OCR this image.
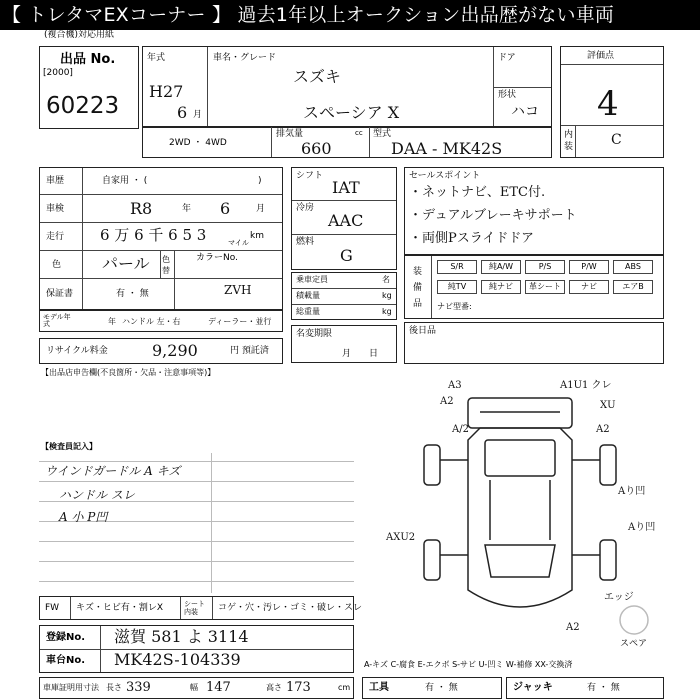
【 トレタマEXコーナー 】 過去1年以上オークション出品歴がない車両
(複合機)対応用紙
出品 No.
[2000]
60223
年式
H27
6 月
車名・グレード
スズキ
スペーシア X
ドア
形状
ハコ
評価点
4
内装	C
2WD ・ 4WD
排気量
660
cc 型式
DAA - MK42S
車歴	自家用 ・ (	)
車検	R8	年 6	月
走行 6 万 6 千 6 5 3	マイル
km
色	パール 色替
カラーNo.
ZVH
保証書	有 ・ 無
モデル年式	年 ハンドル 左・右	ディーラー・並行
リサイクル料金	9,290	円 預託済
【出品店申告欄(不良箇所・欠品・注意事項等)】
シフト
IAT
冷房
AAC
燃料
G
乗車定員	名
積載量	kg
総重量	kg
名変期限
月日
セールスポイント
・ネットナビ、ETC付.
・デュアルブレーキサポート
・両側Pスライドドア
装備品
S/R	純A/W	P/S	P/W	ABS
純TV	純ナビ	革シート	ナビ	エアB
ナビ型番:
後日品
【検査員記入】
ウインドガードル A キズ
ハンドル スレ
A 小 P凹
A3	A1U1 クレ
XU
A2
A/2	A2
Aり凹
Aり凹
AXU2
エッジ
A2
スペア
A-キズ C-腐食 E-エクボ S-サビ U-凹ミ W-補修 XX-交換済
FW キズ・ヒビ有・割レX	シート内装	コゲ・穴・汚レ・ゴミ・破レ・スレ
登録No. 滋賀 581 よ 3114
車台No. MK42S-104339
車庫証明用寸法 長さ 339	幅 147	高さ 173	cm 工具	有 ・ 無	ジャッキ	有 ・ 無
